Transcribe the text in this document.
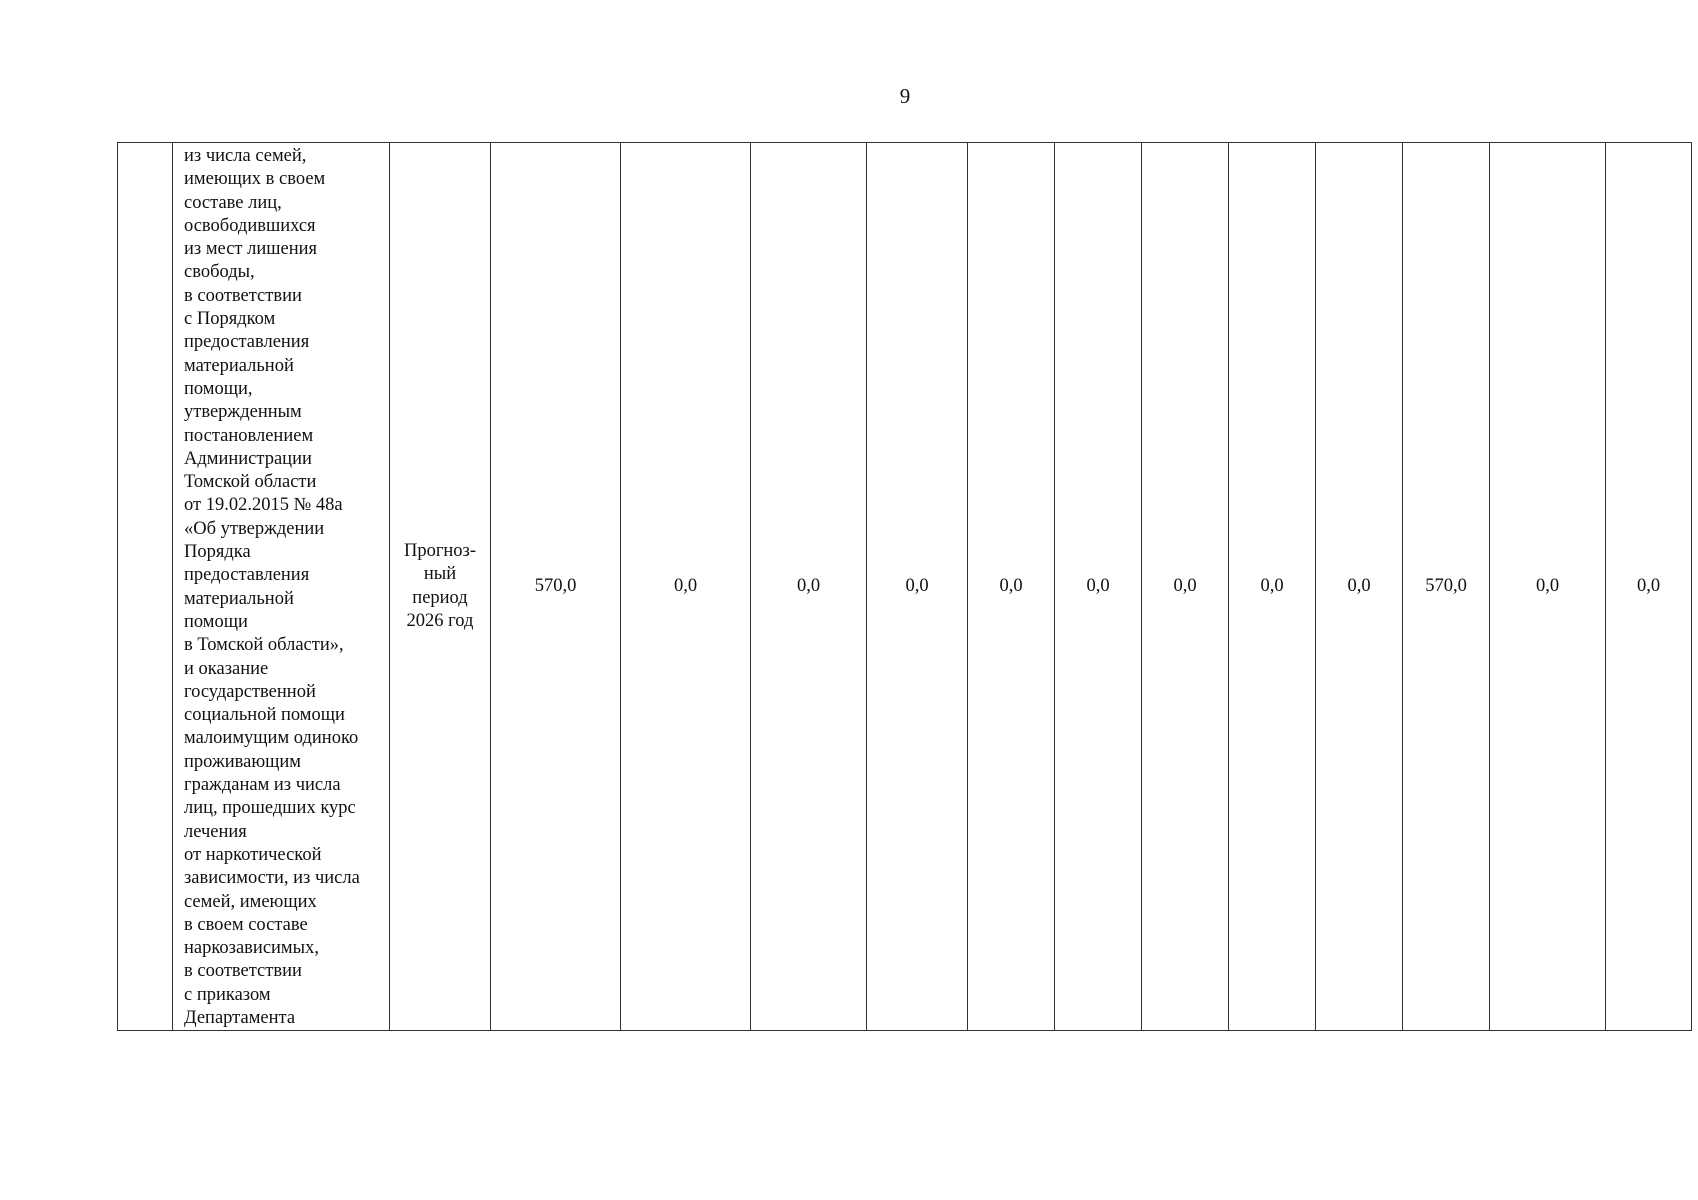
9
	из числа семей,
имеющих в своем
составе лиц,
освободившихся
из мест лишения
свободы,
в соответствии
с Порядком
предоставления
материальной
помощи,
утвержденным
постановлением
Администрации
Томской области
от 19.02.2015 № 48а
«Об утверждении
Порядка
предоставления
материальной
помощи
в Томской области»,
и оказание
государственной
социальной помощи
малоимущим одиноко
проживающим
гражданам из числа
лиц, прошедших курс
лечения
от наркотической
зависимости, из числа
семей, имеющих
в своем составе
наркозависимых,
в соответствии
с приказом
Департамента	Прогноз-
ный
период
2026 год	570,0	0,0	0,0	0,0	0,0	0,0	0,0	0,0	0,0	570,0	0,0	0,0
